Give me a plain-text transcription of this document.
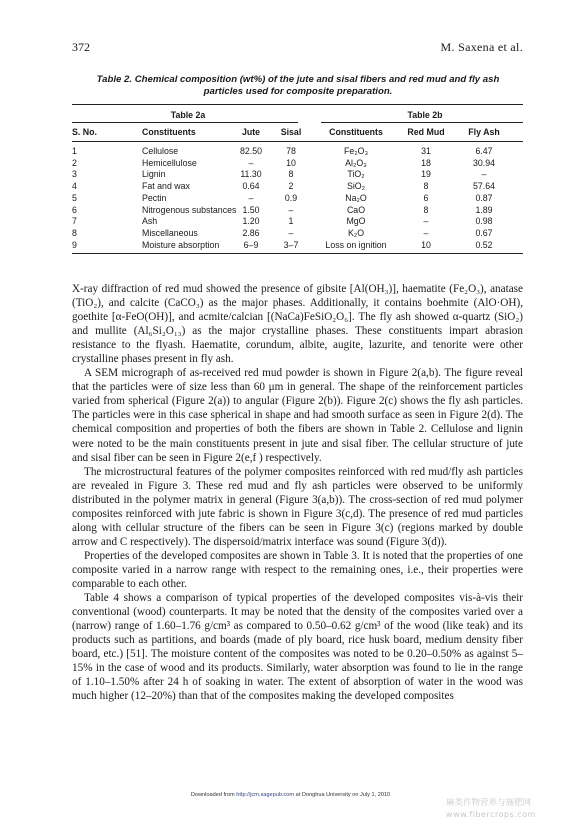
372	M. Saxena et al.
Table 2. Chemical composition (wt%) of the jute and sisal fibers and red mud and fly ash particles used for composite preparation.
Table 2a	Table 2b
S. No.	Constituents	Jute Sisal	Constituents	Red Mud	Fly Ash
1	Cellulose	82.50	78	Fe₂O₃	31	6.47
2	Hemicellulose	–	10	Al₂O₃	18	30.94
3	Lignin	11.30	8	TiO₂	19	–
4	Fat and wax	0.64	2	SiO₂	8	57.64
5	Pectin	–	0.9	Na₂O	6	0.87
6	Nitrogenous substances 1.50	–	CaO	8	1.89
7	Ash	1.20	1	MgO	–	0.98
8	Miscellaneous	2.86	–	K₂O	–	0.67
9	Moisture absorption	6–9	3–7	Loss on ignition	10	0.52

X-ray diffraction of red mud showed the presence of gibsite [Al(OH₃)], haematite (Fe₂O₃), anatase (TiO₂), and calcite (CaCO₃) as the major phases. Additionally, it contains boehmite (AlO·OH), goethite [α-FeO(OH)], and acmite/calcian [(NaCa)FeSiO₂O₆]. The fly ash showed α-quartz (SiO₂) and mullite (Al₆Si₂O₁₃) as the major crystalline phases. These constituents impart abrasion resistance to the flyash. Haematite, corundum, albite, augite, lazurite, and tenorite were other crystalline phases present in fly ash.

A SEM micrograph of as-received red mud powder is shown in Figure 2(a,b). The figure reveal that the particles were of size less than 60 μm in general. The shape of the reinforcement particles varied from spherical (Figure 2(a)) to angular (Figure 2(b)). Figure 2(c) shows the fly ash particles. The particles were in this case spherical in shape and had smooth surface as seen in Figure 2(d). The chemical composition and properties of both the fibers are shown in Table 2. Cellulose and lignin were noted to be the main constituents present in jute and sisal fiber. The cellular structure of jute and sisal fiber can be seen in Figure 2(e,f ) respectively.

The microstructural features of the polymer composites reinforced with red mud/fly ash particles are revealed in Figure 3. These red mud and fly ash particles were observed to be uniformly distributed in the polymer matrix in general (Figure 3(a,b)). The cross-section of red mud polymer composites reinforced with jute fabric is shown in Figure 3(c,d). The presence of red mud particles along with cellular structure of the fibers can be seen in Figure 3(c) (regions marked by double arrow and C respectively). The dispersoid/matrix interface was sound (Figure 3(d)).

Properties of the developed composites are shown in Table 3. It is noted that the properties of one composite varied in a narrow range with respect to the remaining ones, i.e., their properties were comparable to each other.

Table 4 shows a comparison of typical properties of the developed composites vis-à-vis their conventional (wood) counterparts. It may be noted that the density of the composites varied over a (narrow) range of 1.60–1.76 g/cm³ as compared to 0.50–0.62 g/cm³ of the wood (like teak) and its products such as partitions, and boards (made of ply board, rice husk board, medium density fiber board, etc.) [51]. The moisture content of the composites was noted to be 0.20–0.50% as against 5–15% in the case of wood and its products. Similarly, water absorption was found to lie in the range of 1.10–1.50% after 24 h of soaking in water. The extent of absorption of water in the wood was much higher (12–20%) than that of the composites making the developed composites

Downloaded from http://jcm.sagepub.com at Donghua University on July 1, 2010
麻类作物营养与施肥网
www.fibercrops.com
